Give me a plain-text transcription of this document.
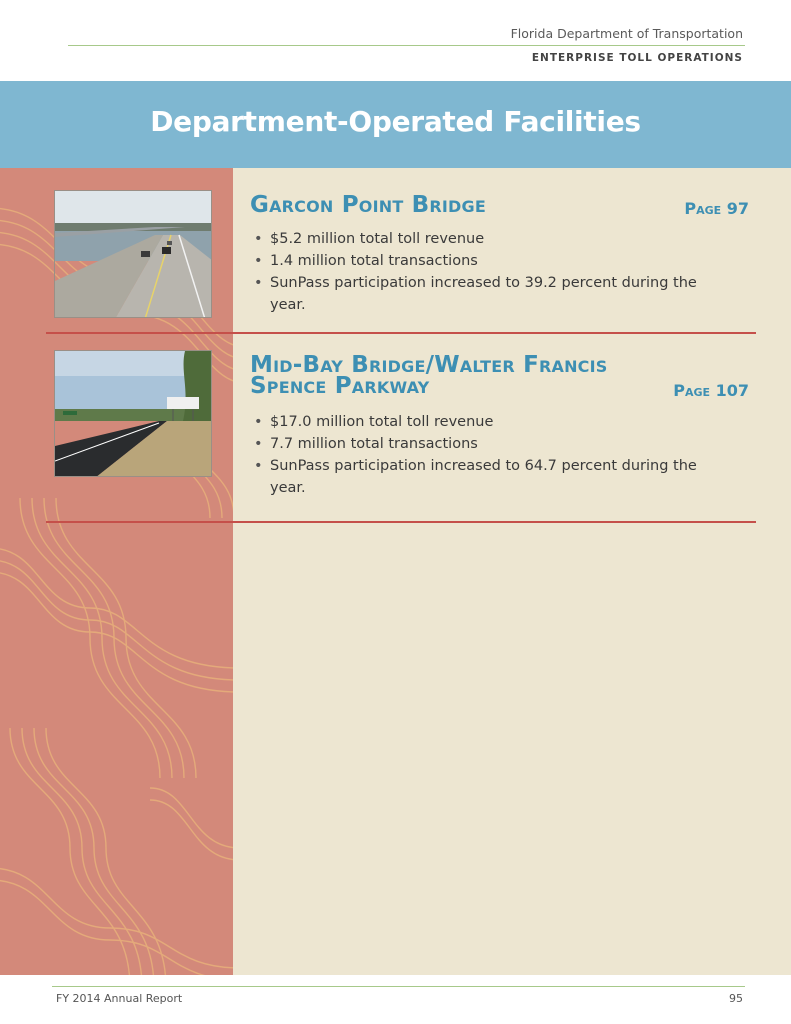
Florida Department of Transportation
ENTERPRISE TOLL OPERATIONS
Department-Operated Facilities
Garcon Point Bridge	Page 97
• $5.2 million total toll revenue
• 1.4 million total transactions
• SunPass participation increased to 39.2 percent during the year.
Mid-Bay Bridge/Walter Francis
Spence Parkway	Page 107
• $17.0 million total toll revenue
• 7.7 million total transactions
• SunPass participation increased to 64.7 percent during the year.
FY 2014 Annual Report	95
